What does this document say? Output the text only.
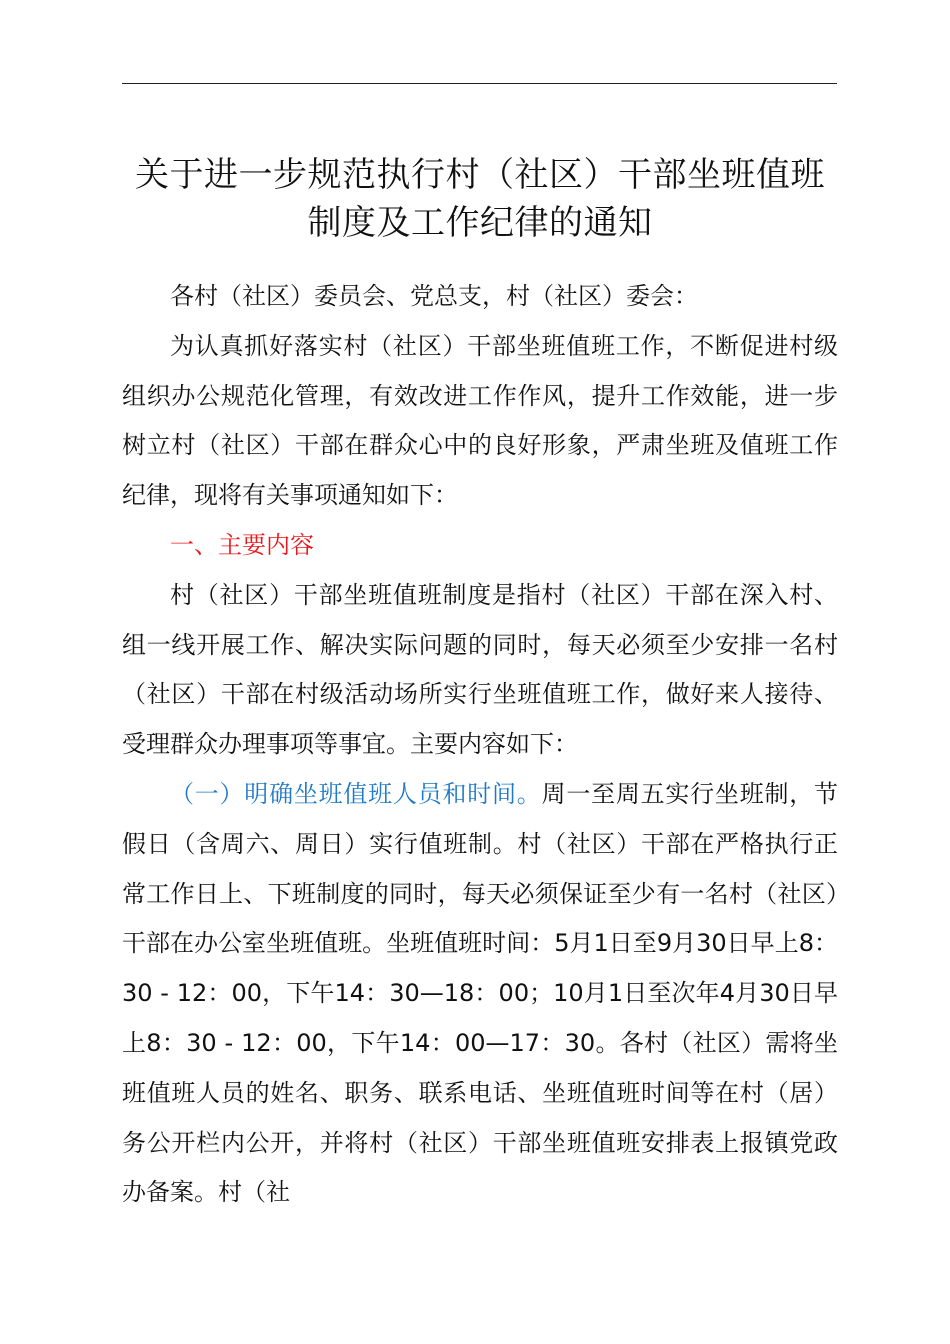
关于进一步规范执行村（社区）干部坐班值班
制度及工作纪律的通知

各村（社区）委员会、党总支，村（社区）委会：

为认真抓好落实村（社区）干部坐班值班工作，不断促进村级组织办公规范化管理，有效改进工作作风，提升工作效能，进一步树立村（社区）干部在群众心中的良好形象，严肃坐班及值班工作纪律，现将有关事项通知如下：

一、主要内容

村（社区）干部坐班值班制度是指村（社区）干部在深入村、组一线开展工作、解决实际问题的同时，每天必须至少安排一名村（社区）干部在村级活动场所实行坐班值班工作，做好来人接待、受理群众办理事项等事宜。主要内容如下：

（一）明确坐班值班人员和时间。周一至周五实行坐班制，节假日（含周六、周日）实行值班制。村（社区）干部在严格执行正常工作日上、下班制度的同时，每天必须保证至少有一名村（社区）干部在办公室坐班值班。坐班值班时间：5月1日至9月30日早上8：30 - 12：00，下午14：30—18：00；10月1日至次年4月30日早上8：30 - 12：00，下午14：00—17：30。各村（社区）需将坐班值班人员的姓名、职务、联系电话、坐班值班时间等在村（居）务公开栏内公开，并将村（社区）干部坐班值班安排表上报镇党政办备案。村（社
